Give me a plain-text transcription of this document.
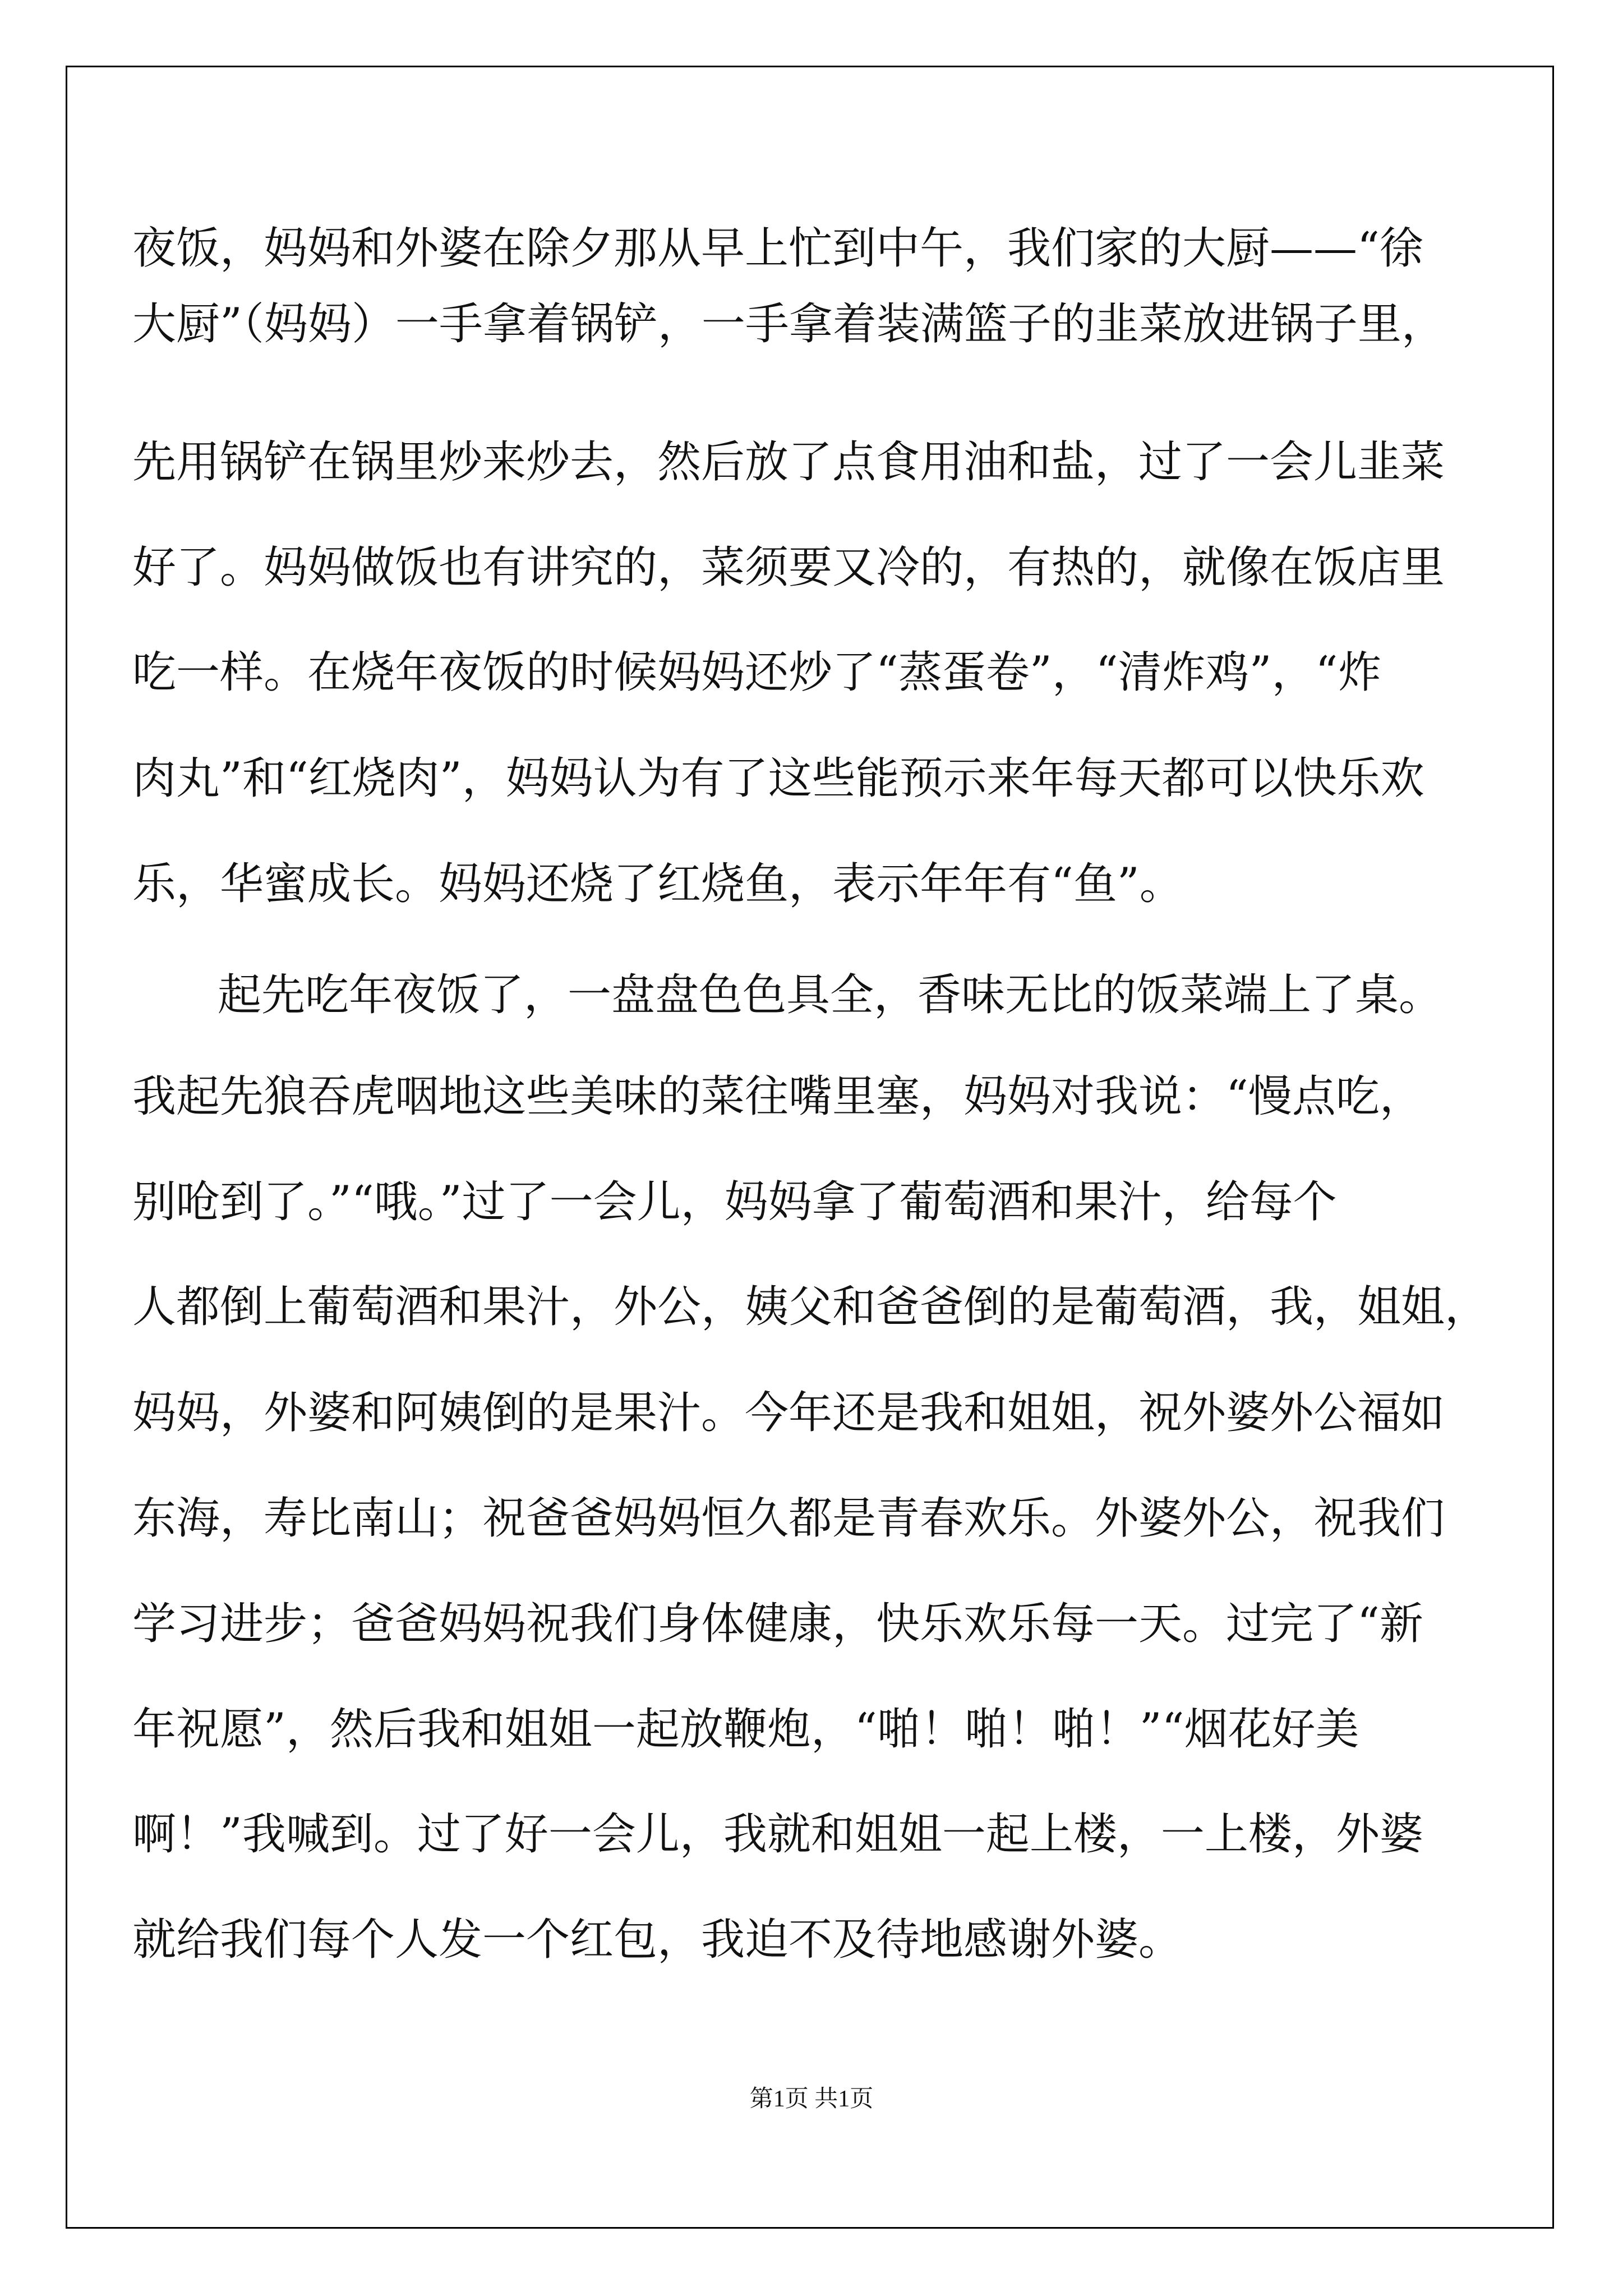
夜饭，妈妈和外婆在除夕那从早上忙到中午，我们家的大厨——“徐
大厨”（妈妈）一手拿着锅铲，一手拿着装满篮子的韭菜放进锅子里，
先用锅铲在锅里炒来炒去，然后放了点食用油和盐，过了一会儿韭菜
好了。妈妈做饭也有讲究的，菜须要又冷的，有热的，就像在饭店里
吃一样。在烧年夜饭的时候妈妈还炒了“蒸蛋卷”，“清炸鸡”，“炸
肉丸”和“红烧肉”，妈妈认为有了这些能预示来年每天都可以快乐欢
乐，华蜜成长。妈妈还烧了红烧鱼，表示年年有“鱼”。
起先吃年夜饭了，一盘盘色色具全，香味无比的饭菜端上了桌。
我起先狼吞虎咽地这些美味的菜往嘴里塞，妈妈对我说：“慢点吃，
别呛到了。”“哦。”过了一会儿，妈妈拿了葡萄酒和果汁，给每个
人都倒上葡萄酒和果汁，外公，姨父和爸爸倒的是葡萄酒，我，姐姐，
妈妈，外婆和阿姨倒的是果汁。今年还是我和姐姐，祝外婆外公福如
东海，寿比南山；祝爸爸妈妈恒久都是青春欢乐。外婆外公，祝我们
学习进步；爸爸妈妈祝我们身体健康，快乐欢乐每一天。过完了“新
年祝愿”，然后我和姐姐一起放鞭炮，“啪！啪！啪！”“烟花好美
啊！”我喊到。过了好一会儿，我就和姐姐一起上楼，一上楼，外婆
就给我们每个人发一个红包，我迫不及待地感谢外婆。
第1页 共1页
